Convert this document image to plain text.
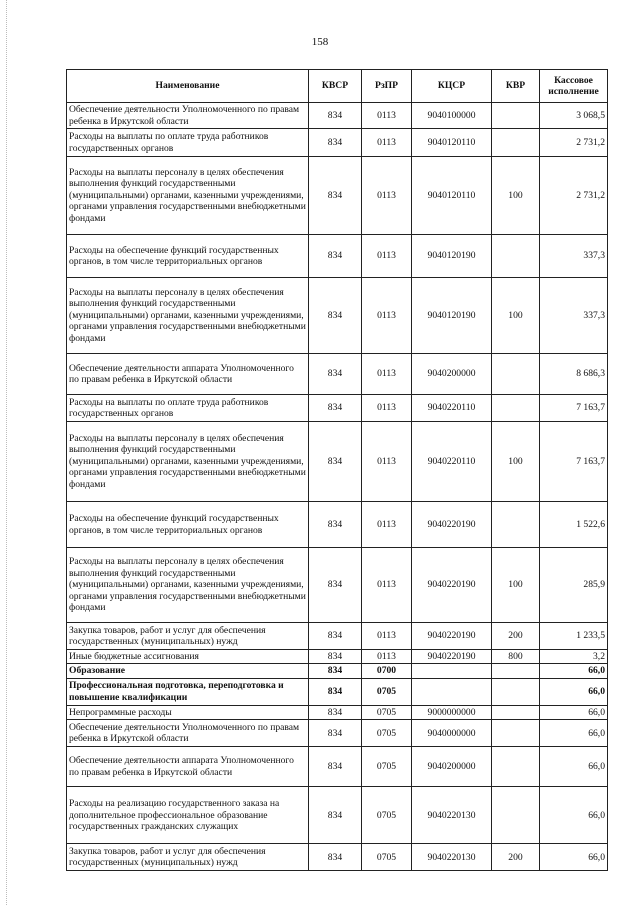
158
Наименование	КВСР	РзПР	КЦСР	КВР	Кассовое исполнение
Обеспечение деятельности Уполномоченного по правам ребенка в Иркутской области	834	0113	9040100000		3 068,5
Расходы на выплаты по оплате труда работников государственных органов	834	0113	9040120110		2 731,2
Расходы на выплаты персоналу в целях обеспечения выполнения функций государственными (муниципальными) органами, казенными учреждениями, органами управления государственными внебюджетными фондами	834	0113	9040120110	100	2 731,2
Расходы на обеспечение функций государственных органов, в том числе территориальных органов	834	0113	9040120190		337,3
Расходы на выплаты персоналу в целях обеспечения выполнения функций государственными (муниципальными) органами, казенными учреждениями, органами управления государственными внебюджетными фондами	834	0113	9040120190	100	337,3
Обеспечение деятельности аппарата Уполномоченного по правам ребенка в Иркутской области	834	0113	9040200000		8 686,3
Расходы на выплаты по оплате труда работников государственных органов	834	0113	9040220110		7 163,7
Расходы на выплаты персоналу в целях обеспечения выполнения функций государственными (муниципальными) органами, казенными учреждениями, органами управления государственными внебюджетными фондами	834	0113	9040220110	100	7 163,7
Расходы на обеспечение функций государственных органов, в том числе территориальных органов	834	0113	9040220190		1 522,6
Расходы на выплаты персоналу в целях обеспечения выполнения функций государственными (муниципальными) органами, казенными учреждениями, органами управления государственными внебюджетными фондами	834	0113	9040220190	100	285,9
Закупка товаров, работ и услуг для обеспечения государственных (муниципальных) нужд	834	0113	9040220190	200	1 233,5
Иные бюджетные ассигнования	834	0113	9040220190	800	3,2
Образование	834	0700			66,0
Профессиональная подготовка, переподготовка и повышение квалификации	834	0705			66,0
Непрограммные расходы	834	0705	9000000000		66,0
Обеспечение деятельности Уполномоченного по правам ребенка в Иркутской области	834	0705	9040000000		66,0
Обеспечение деятельности аппарата Уполномоченного по правам ребенка в Иркутской области	834	0705	9040200000		66,0
Расходы на реализацию государственного заказа на дополнительное профессиональное образование государственных гражданских служащих	834	0705	9040220130		66,0
Закупка товаров, работ и услуг для обеспечения государственных (муниципальных) нужд	834	0705	9040220130	200	66,0
